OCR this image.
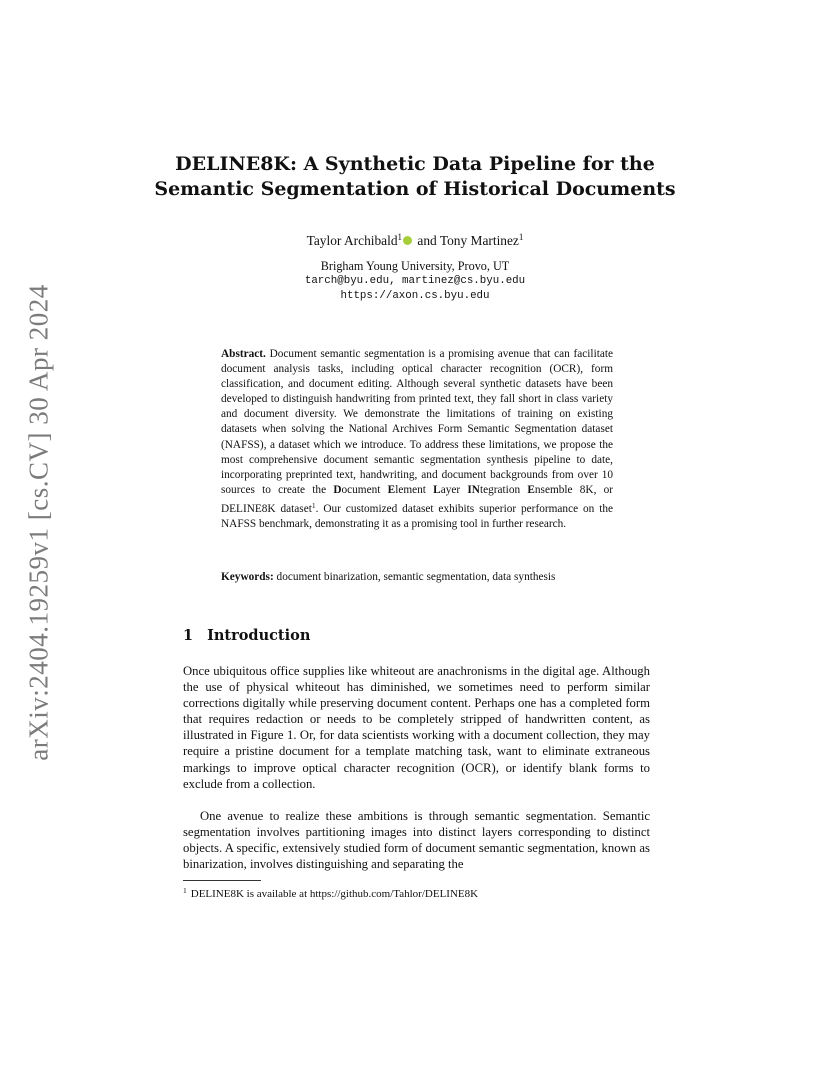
arXiv:2404.19259v1 [cs.CV] 30 Apr 2024
DELINE8K: A Synthetic Data Pipeline for the
Semantic Segmentation of Historical Documents
Taylor Archibald$^1$ and Tony Martinez$^1$
Brigham Young University, Provo, UT
tarch@byu.edu, martinez@cs.byu.edu
https://axon.cs.byu.edu

Abstract. Document semantic segmentation is a promising avenue that can facilitate document analysis tasks, including optical character recognition (OCR), form classification, and document editing. Although several synthetic datasets have been developed to distinguish handwriting from printed text, they fall short in class variety and document diversity. We demonstrate the limitations of training on existing datasets when solving the National Archives Form Semantic Segmentation dataset (NAFSS), a dataset which we introduce. To address these limitations, we propose the most comprehensive document semantic segmentation synthesis pipeline to date, incorporating preprinted text, handwriting, and document backgrounds from over 10 sources to create the Document Element Layer INtegration Ensemble 8K, or DELINE8K dataset$^1$. Our customized dataset exhibits superior performance on the NAFSS benchmark, demonstrating it as a promising tool in further research.

Keywords: document binarization, semantic segmentation, data synthesis

1 Introduction

Once ubiquitous office supplies like whiteout are anachronisms in the digital age. Although the use of physical whiteout has diminished, we sometimes need to perform similar corrections digitally while preserving document content. Perhaps one has a completed form that requires redaction or needs to be completely stripped of handwritten content, as illustrated in Figure 1. Or, for data scientists working with a document collection, they may require a pristine document for a template matching task, want to eliminate extraneous markings to improve optical character recognition (OCR), or identify blank forms to exclude from a collection.

One avenue to realize these ambitions is through semantic segmentation. Semantic segmentation involves partitioning images into distinct layers corresponding to distinct objects. A specific, extensively studied form of document semantic segmentation, known as binarization, involves distinguishing and separating the

$^1$ DELINE8K is available at https://github.com/Tahlor/DELINE8K
